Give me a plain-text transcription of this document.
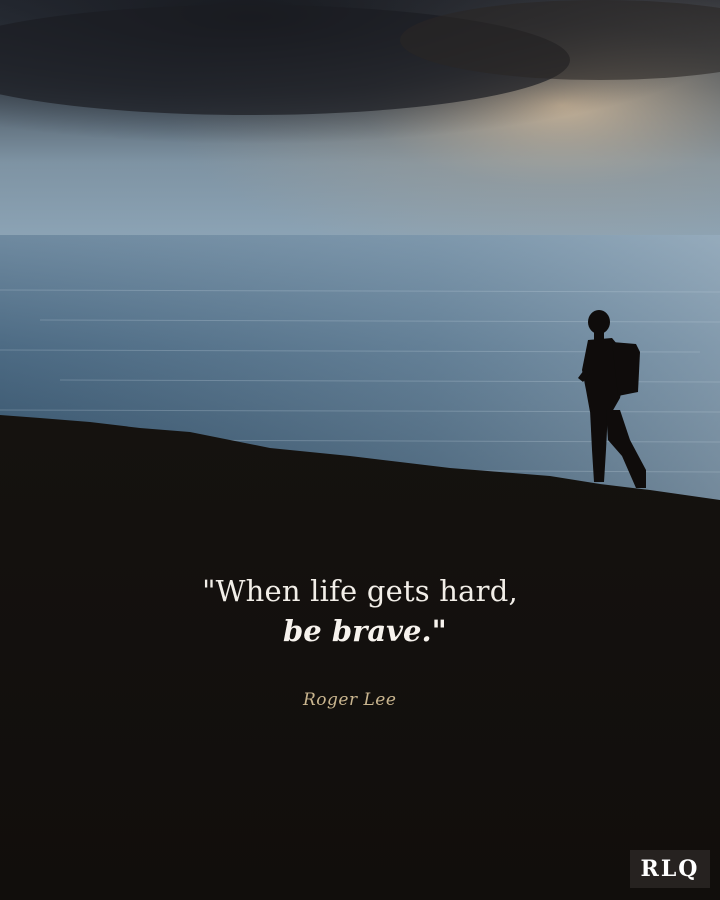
"When life gets hard,
be brave."
Roger Lee
RLQ
